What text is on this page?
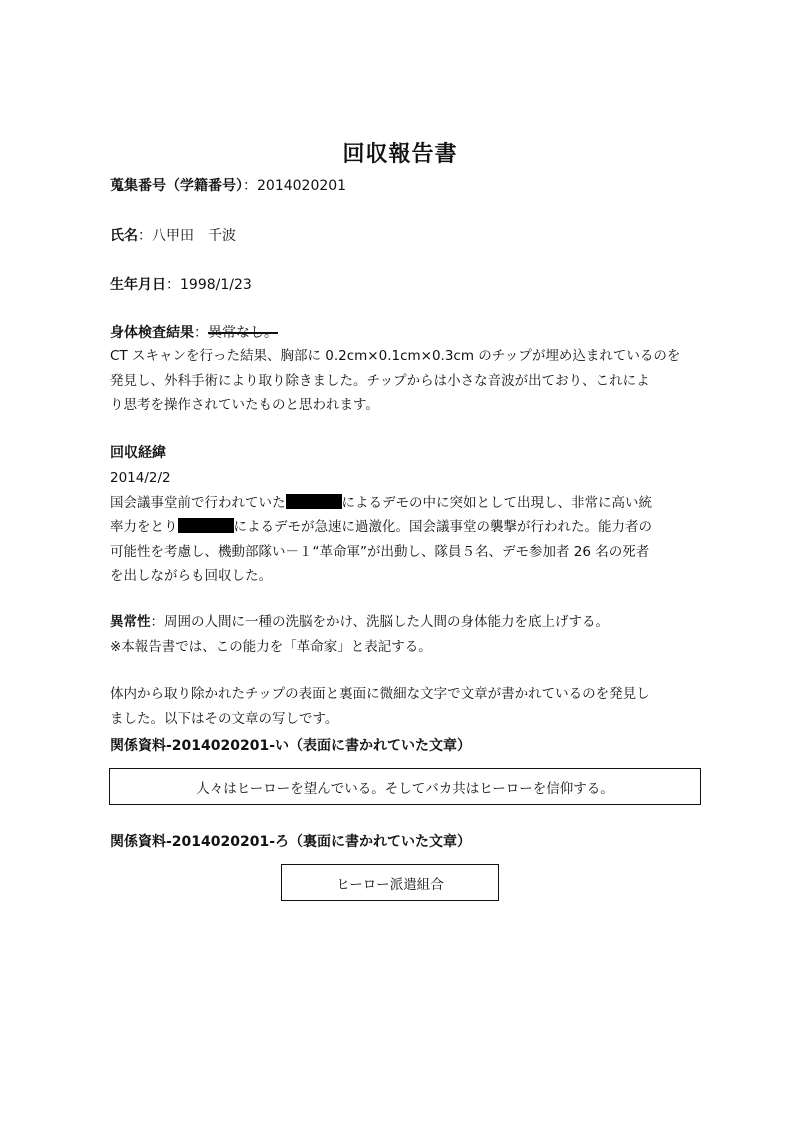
回収報告書
蒐集番号（学籍番号）：2014020201
氏名：八甲田　千波
生年月日：1998/1/23
身体検査結果：異常なし。
CT スキャンを行った結果、胸部に 0.2cm×0.1cm×0.3cm のチップが埋め込まれているのを
発見し、外科手術により取り除きました。チップからは小さな音波が出ており、これによ
り思考を操作されていたものと思われます。
回収経緯
2014/2/2
国会議事堂前で行われていた	によるデモの中に突如として出現し、非常に高い統
率力をとり	によるデモが急速に過激化。国会議事堂の襲撃が行われた。能力者の
可能性を考慮し、機動部隊い－１“革命軍”が出動し、隊員５名、デモ参加者 26 名の死者
を出しながらも回収した。
異常性：周囲の人間に一種の洗脳をかけ、洗脳した人間の身体能力を底上げする。
※本報告書では、この能力を「革命家」と表記する。
体内から取り除かれたチップの表面と裏面に微細な文字で文章が書かれているのを発見し
ました。以下はその文章の写しです。
関係資料-2014020201-い（表面に書かれていた文章）
人々はヒーローを望んでいる。そしてバカ共はヒーローを信仰する。
関係資料-2014020201-ろ（裏面に書かれていた文章）
ヒーロー派遣組合
